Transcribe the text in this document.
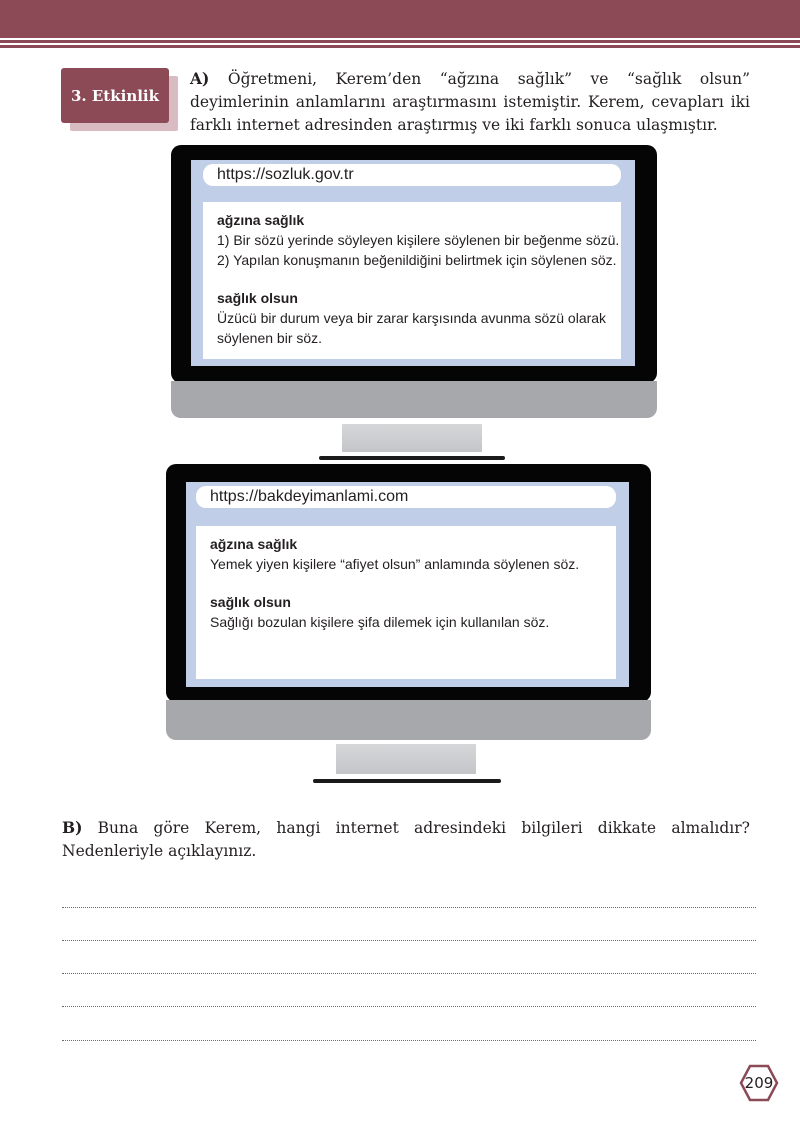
3. Etkinlik
A) Öğretmeni, Kerem’den “ağzına sağlık” ve “sağlık olsun” deyimlerinin anlamlarını araştırmasını istemiştir. Kerem, cevapları iki farklı internet adresinden araştırmış ve iki farklı sonuca ulaşmıştır.
https://sozluk.gov.tr
ağzına sağlık
1) Bir sözü yerinde söyleyen kişilere söylenen bir beğenme sözü.
2) Yapılan konuşmanın beğenildiğini belirtmek için söylenen söz.
sağlık olsun
Üzücü bir durum veya bir zarar karşısında avunma sözü olarak söylenen bir söz.
https://bakdeyimanlami.com
ağzına sağlık
Yemek yiyen kişilere “afiyet olsun” anlamında söylenen söz.
sağlık olsun
Sağlığı bozulan kişilere şifa dilemek için kullanılan söz.
B) Buna göre Kerem, hangi internet adresindeki bilgileri dikkate almalıdır? Nedenleriyle açıklayınız.
209
